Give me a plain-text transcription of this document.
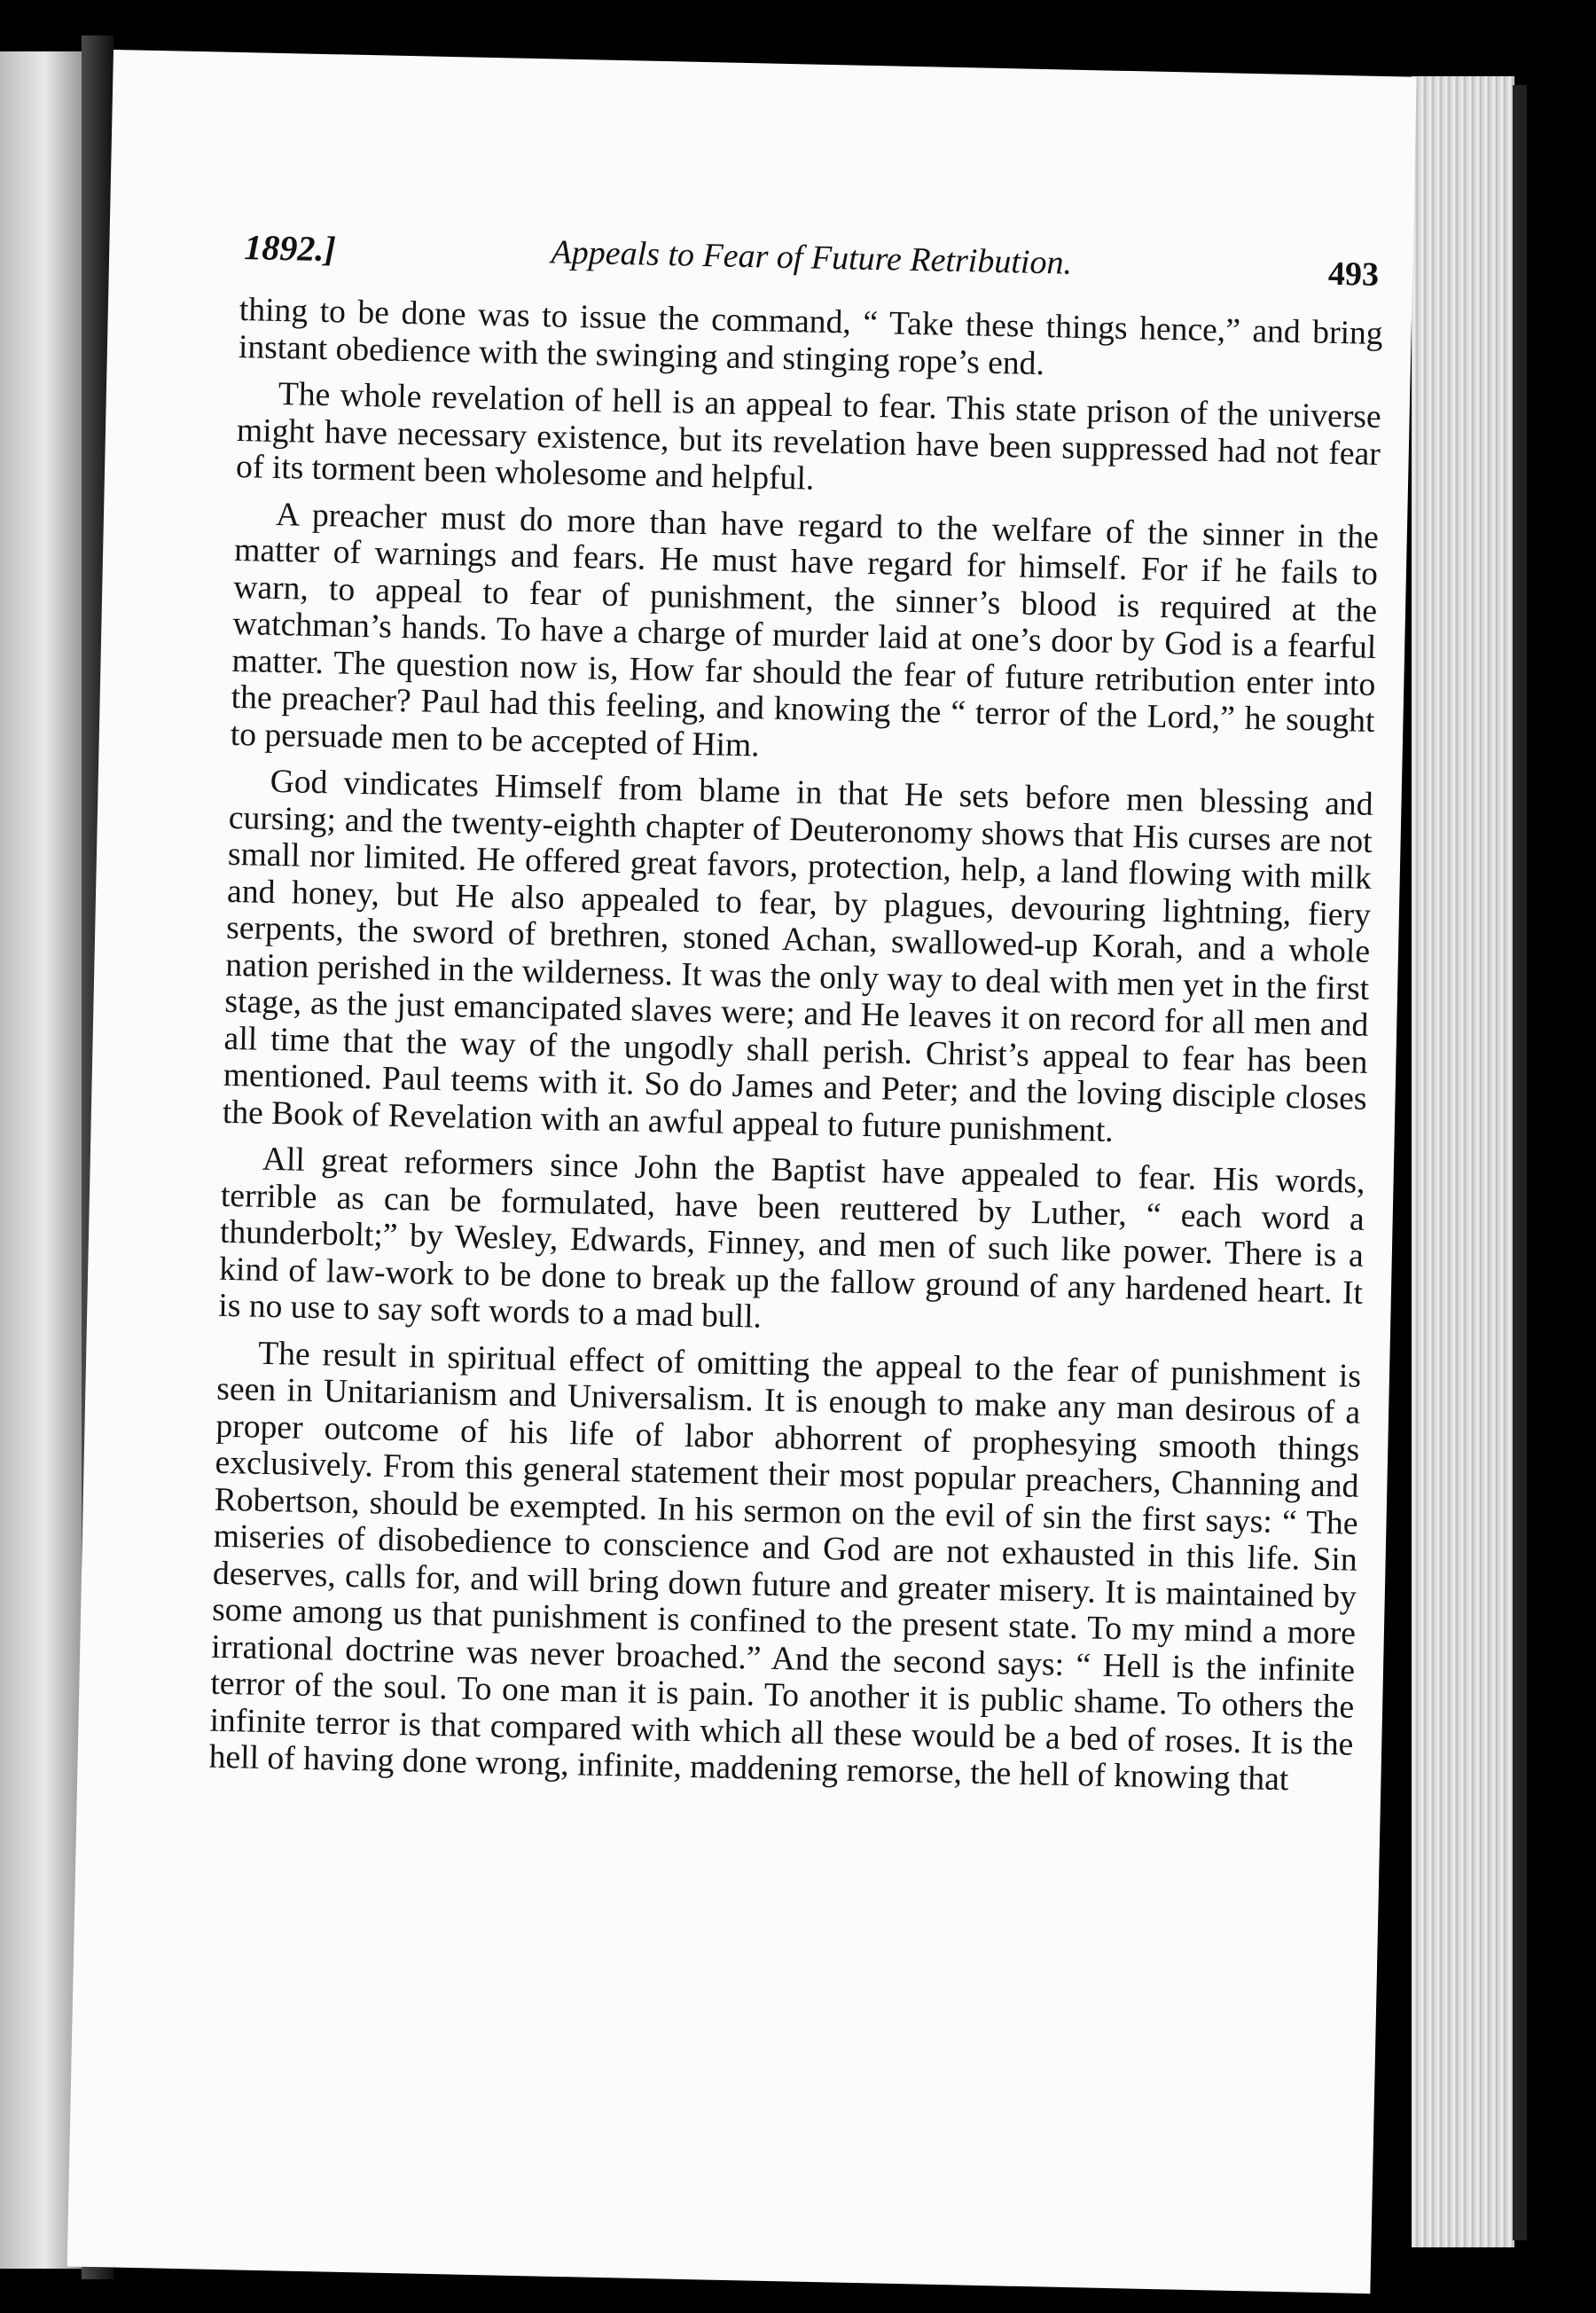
1892.]	Appeals to Fear of Future Retribution.	493

thing to be done was to issue the command, “ Take these things hence,” and bring instant obedience with the swinging and stinging rope’s end.

The whole revelation of hell is an appeal to fear. This state prison of the universe might have necessary existence, but its revelation have been suppressed had not fear of its torment been wholesome and helpful.

A preacher must do more than have regard to the welfare of the sinner in the matter of warnings and fears. He must have regard for himself. For if he fails to warn, to appeal to fear of punishment, the sinner’s blood is required at the watchman’s hands. To have a charge of murder laid at one’s door by God is a fearful matter. The question now is, How far should the fear of future retribution enter into the preacher? Paul had this feeling, and knowing the “ terror of the Lord,” he sought to persuade men to be accepted of Him.

God vindicates Himself from blame in that He sets before men blessing and cursing; and the twenty-eighth chapter of Deuteronomy shows that His curses are not small nor limited. He offered great favors, protection, help, a land flowing with milk and honey, but He also appealed to fear, by plagues, devouring lightning, fiery serpents, the sword of brethren, stoned Achan, swallowed-up Korah, and a whole nation perished in the wilderness. It was the only way to deal with men yet in the first stage, as the just emancipated slaves were; and He leaves it on record for all men and all time that the way of the ungodly shall perish. Christ’s appeal to fear has been mentioned. Paul teems with it. So do James and Peter; and the loving disciple closes the Book of Revelation with an awful appeal to future punishment.

All great reformers since John the Baptist have appealed to fear. His words, terrible as can be formulated, have been reuttered by Luther, “ each word a thunderbolt;” by Wesley, Edwards, Finney, and men of such like power. There is a kind of law-work to be done to break up the fallow ground of any hardened heart. It is no use to say soft words to a mad bull.

The result in spiritual effect of omitting the appeal to the fear of punishment is seen in Unitarianism and Universalism. It is enough to make any man desirous of a proper outcome of his life of labor abhorrent of prophesying smooth things exclusively. From this general statement their most popular preachers, Channing and Robertson, should be exempted. In his sermon on the evil of sin the first says: “ The miseries of disobedience to conscience and God are not exhausted in this life. Sin deserves, calls for, and will bring down future and greater misery. It is maintained by some among us that punishment is confined to the present state. To my mind a more irrational doctrine was never broached.” And the second says: “ Hell is the infinite terror of the soul. To one man it is pain. To another it is public shame. To others the infinite terror is that compared with which all these would be a bed of roses. It is the hell of having done wrong, infinite, maddening remorse, the hell of knowing that
